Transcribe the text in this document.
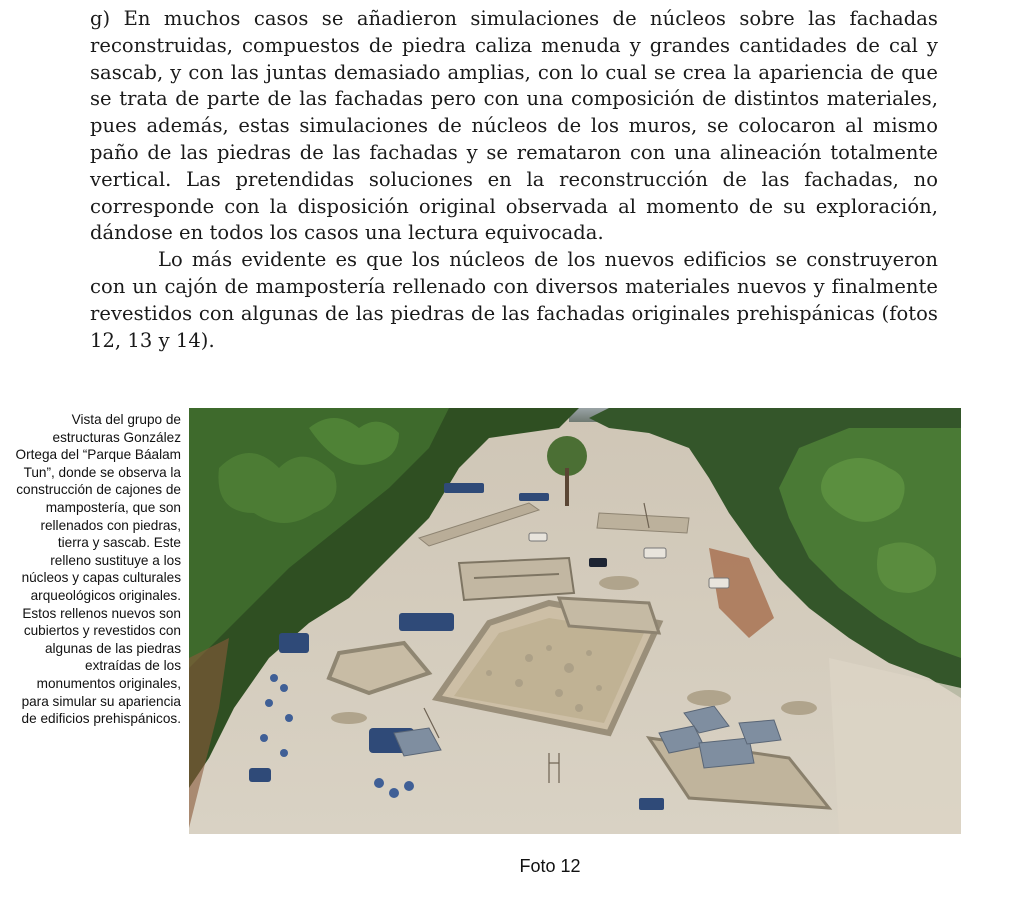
g) En muchos casos se añadieron simulaciones de núcleos sobre las fachadas reconstruidas, compuestos de piedra caliza menuda y grandes cantidades de cal y sascab, y con las juntas demasiado amplias, con lo cual se crea la apariencia de que se trata de parte de las fachadas pero con una composición de distintos materiales, pues además, estas simulaciones de núcleos de los muros, se colocaron al mismo paño de las piedras de las fachadas y se remataron con una alineación totalmente vertical. Las pretendidas soluciones en la reconstrucción de las fachadas, no corresponde con la disposición original observada al momento de su exploración, dándose en todos los casos una lectura equivocada.

Lo más evidente es que los núcleos de los nuevos edificios se construyeron con un cajón de mampostería rellenado con diversos materiales nuevos y finalmente revestidos con algunas de las piedras de las fachadas originales prehispánicas (fotos 12, 13 y 14).

Vista del grupo de estructuras González Ortega del “Parque Báalam Tun”, donde se observa la construcción de cajones de mampostería, que son rellenados con piedras, tierra y sascab. Este relleno sustituye a los núcleos y capas culturales arqueológicos originales. Estos rellenos nuevos son cubiertos y revestidos con algunas de las piedras extraídas de los monumentos originales, para simular su apariencia de edificios prehispánicos.
Foto 12
